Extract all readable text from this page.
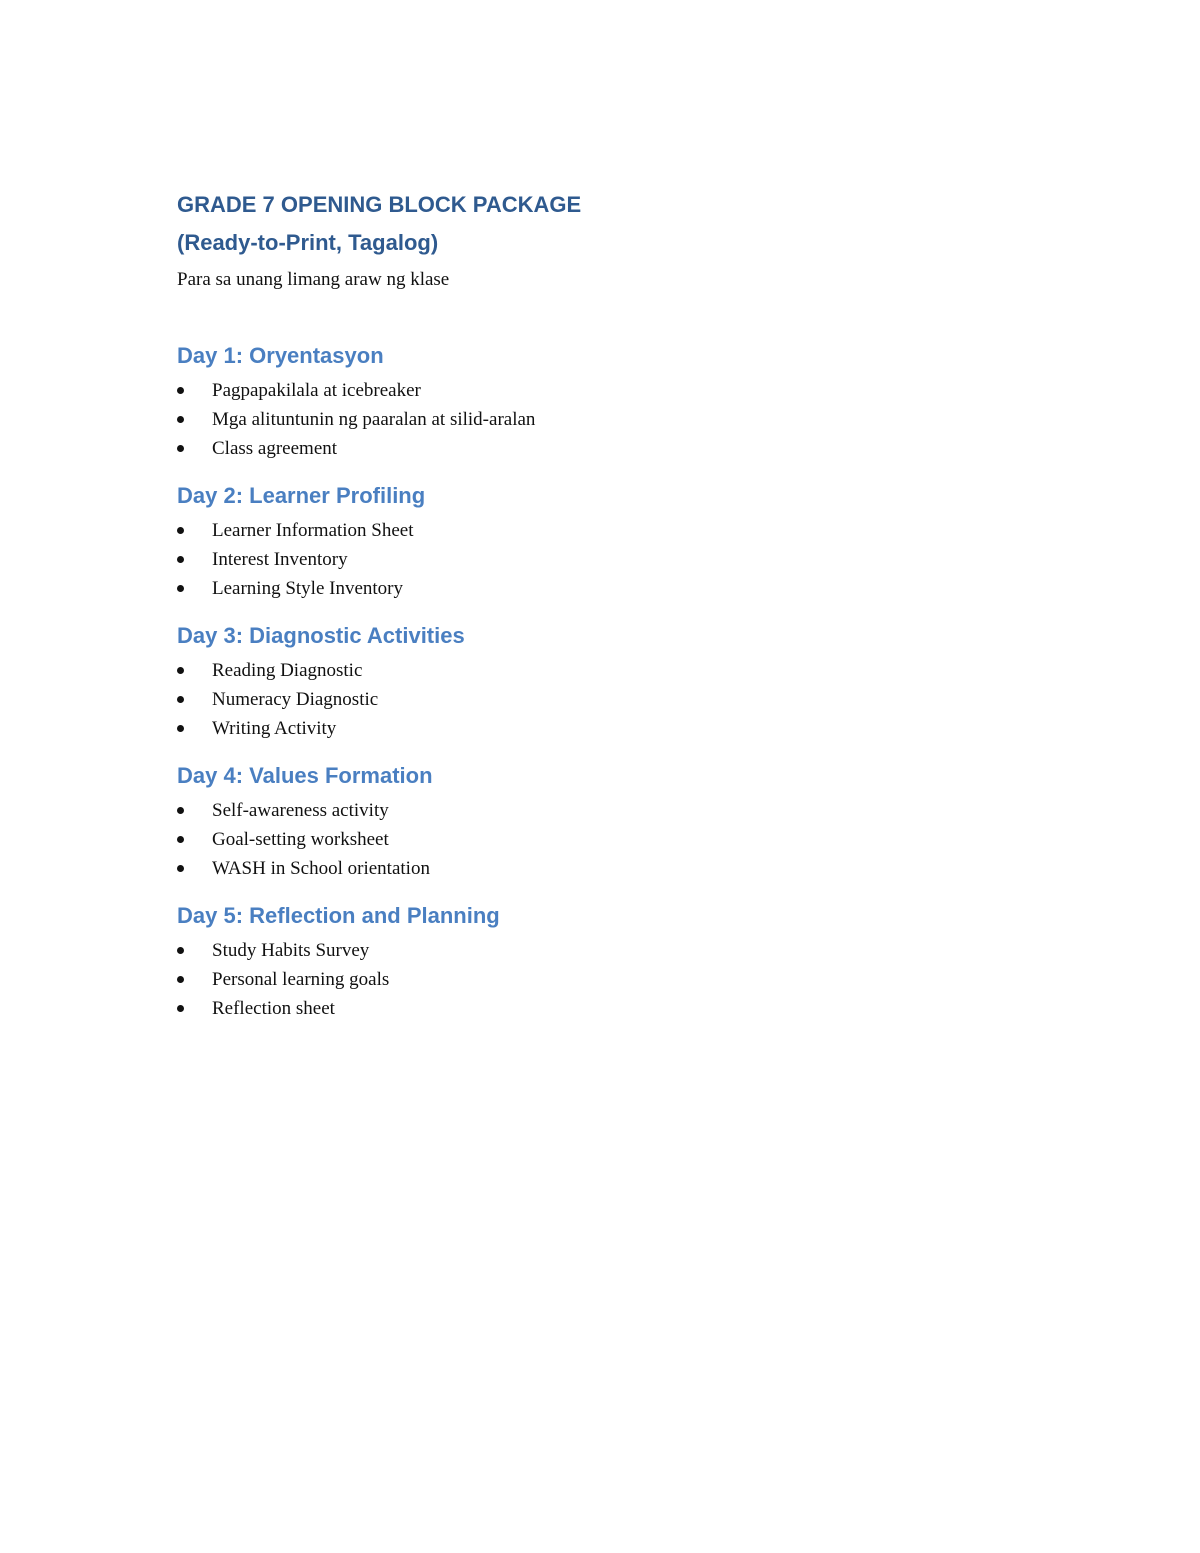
GRADE 7 OPENING BLOCK PACKAGE
(Ready-to-Print, Tagalog)

Para sa unang limang araw ng klase

Day 1: Oryentasyon
Pagpapakilala at icebreaker
Mga alituntunin ng paaralan at silid-aralan
Class agreement
Day 2: Learner Profiling
Learner Information Sheet
Interest Inventory
Learning Style Inventory
Day 3: Diagnostic Activities
Reading Diagnostic
Numeracy Diagnostic
Writing Activity
Day 4: Values Formation
Self-awareness activity
Goal-setting worksheet
WASH in School orientation
Day 5: Reflection and Planning
Study Habits Survey
Personal learning goals
Reflection sheet
